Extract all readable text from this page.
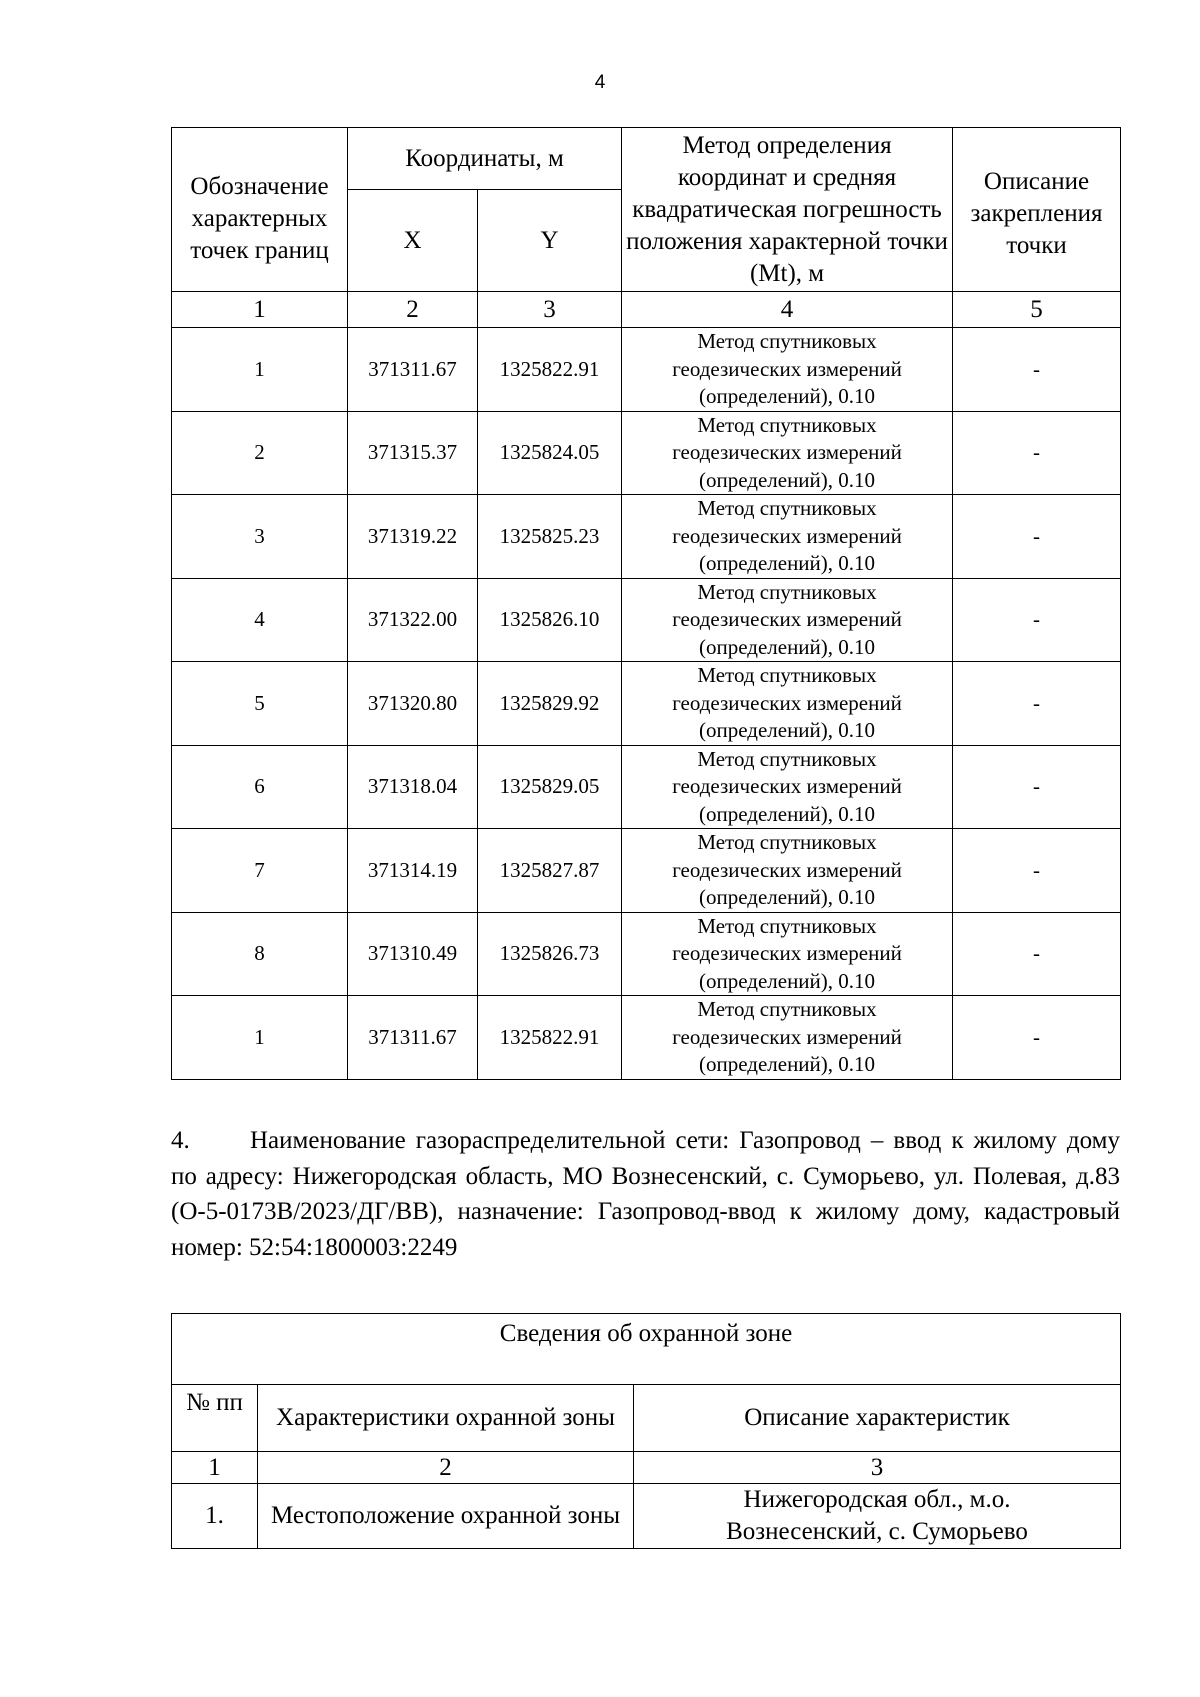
4
Обозначение характерных точек границ	Координаты, м		Метод определения координат и средняя квадратическая погрешность положения характерной точки (Mt), м	Описание закрепления точки
	X	Y		
1	2	3	4	5
1	371311.67	1325822.91	Метод спутниковых геодезических измерений (определений), 0.10	-
2	371315.37	1325824.05	Метод спутниковых геодезических измерений (определений), 0.10	-
3	371319.22	1325825.23	Метод спутниковых геодезических измерений (определений), 0.10	-
4	371322.00	1325826.10	Метод спутниковых геодезических измерений (определений), 0.10	-
5	371320.80	1325829.92	Метод спутниковых геодезических измерений (определений), 0.10	-
6	371318.04	1325829.05	Метод спутниковых геодезических измерений (определений), 0.10	-
7	371314.19	1325827.87	Метод спутниковых геодезических измерений (определений), 0.10	-
8	371310.49	1325826.73	Метод спутниковых геодезических измерений (определений), 0.10	-
1	371311.67	1325822.91	Метод спутниковых геодезических измерений (определений), 0.10	-
4. Наименование газораспределительной сети: Газопровод – ввод к жилому дому по адресу: Нижегородская область, МО Вознесенский, с. Суморьево, ул. Полевая, д.83 (О-5-0173В/2023/ДГ/ВВ), назначение: Газопровод-ввод к жилому дому, кадастровый номер: 52:54:1800003:2249
Сведения об охранной зоне		
№ пп	Характеристики охранной зоны	Описание характеристик
1	2	3
1.	Местоположение охранной зоны	Нижегородская обл., м.о. Вознесенский, с. Суморьево
